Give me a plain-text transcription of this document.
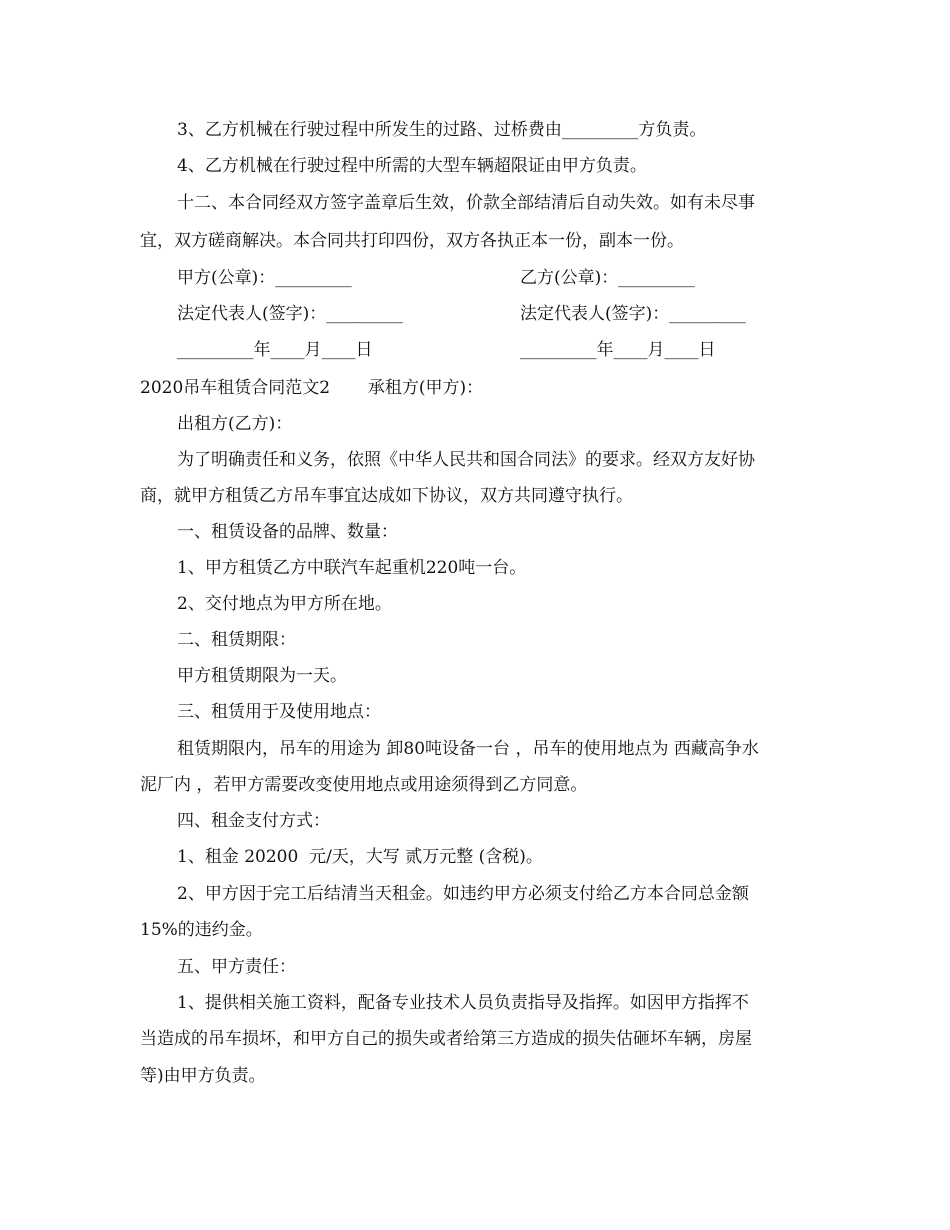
3、乙方机械在行驶过程中所发生的过路、过桥费由_________方负责。
4、乙方机械在行驶过程中所需的大型车辆超限证由甲方负责。
十二、本合同经双方签字盖章后生效，价款全部结清后自动失效。如有未尽事
宜，双方磋商解决。本合同共打印四份，双方各执正本一份，副本一份。
甲方(公章)：_________	乙方(公章)：_________
法定代表人(签字)：_________	法定代表人(签字)：_________
_________年____月____日	_________年____月____日
2020吊车租赁合同范文2       承租方(甲方)：
出租方(乙方)：
为了明确责任和义务，依照《中华人民共和国合同法》的要求。经双方友好协
商，就甲方租赁乙方吊车事宜达成如下协议，双方共同遵守执行。
一、租赁设备的品牌、数量：
1、甲方租赁乙方中联汽车起重机220吨一台。
2、交付地点为甲方所在地。
二、租赁期限：
甲方租赁期限为一天。
三、租赁用于及使用地点：
租赁期限内，吊车的用途为 卸80吨设备一台 ，吊车的使用地点为 西藏高争水
泥厂内 ，若甲方需要改变使用地点或用途须得到乙方同意。
四、租金支付方式：
1、租金 20200  元/天，大写 贰万元整 (含税)。
2、甲方因于完工后结清当天租金。如违约甲方必须支付给乙方本合同总金额
15%的违约金。
五、甲方责任：
1、提供相关施工资料，配备专业技术人员负责指导及指挥。如因甲方指挥不
当造成的吊车损坏，和甲方自己的损失或者给第三方造成的损失估砸坏车辆，房屋
等)由甲方负责。
